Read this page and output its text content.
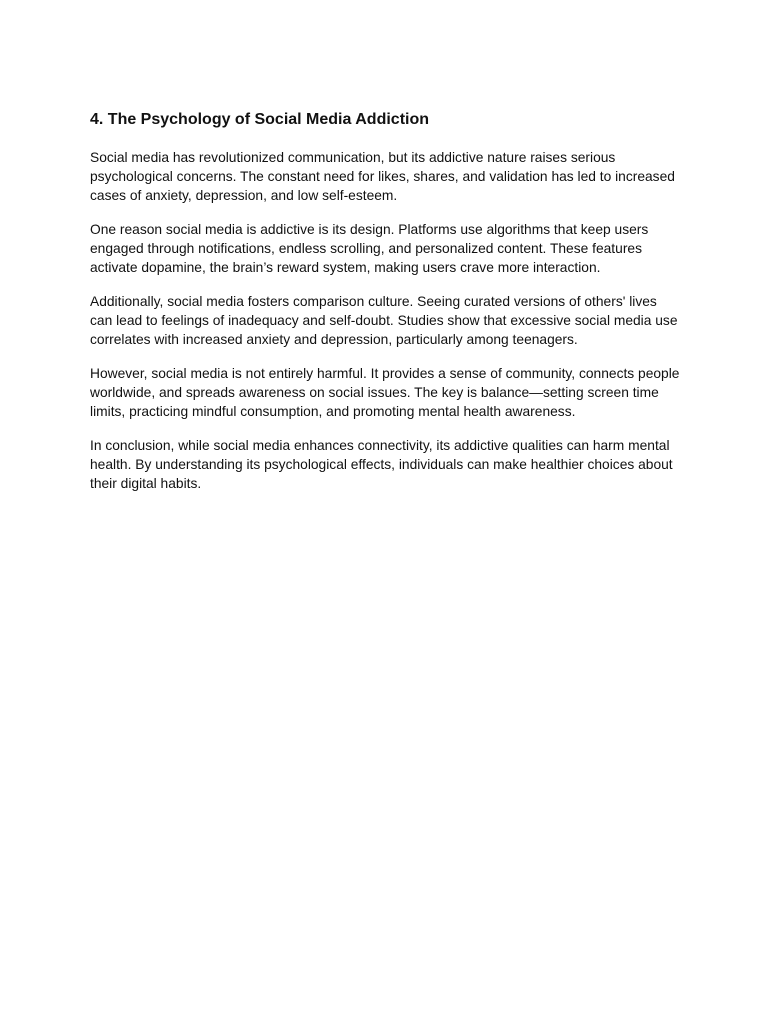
4. The Psychology of Social Media Addiction

Social media has revolutionized communication, but its addictive nature raises serious psychological concerns. The constant need for likes, shares, and validation has led to increased cases of anxiety, depression, and low self-esteem.

One reason social media is addictive is its design. Platforms use algorithms that keep users engaged through notifications, endless scrolling, and personalized content. These features activate dopamine, the brain’s reward system, making users crave more interaction.

Additionally, social media fosters comparison culture. Seeing curated versions of others' lives can lead to feelings of inadequacy and self-doubt. Studies show that excessive social media use correlates with increased anxiety and depression, particularly among teenagers.

However, social media is not entirely harmful. It provides a sense of community, connects people worldwide, and spreads awareness on social issues. The key is balance—setting screen time limits, practicing mindful consumption, and promoting mental health awareness.

In conclusion, while social media enhances connectivity, its addictive qualities can harm mental health. By understanding its psychological effects, individuals can make healthier choices about their digital habits.
